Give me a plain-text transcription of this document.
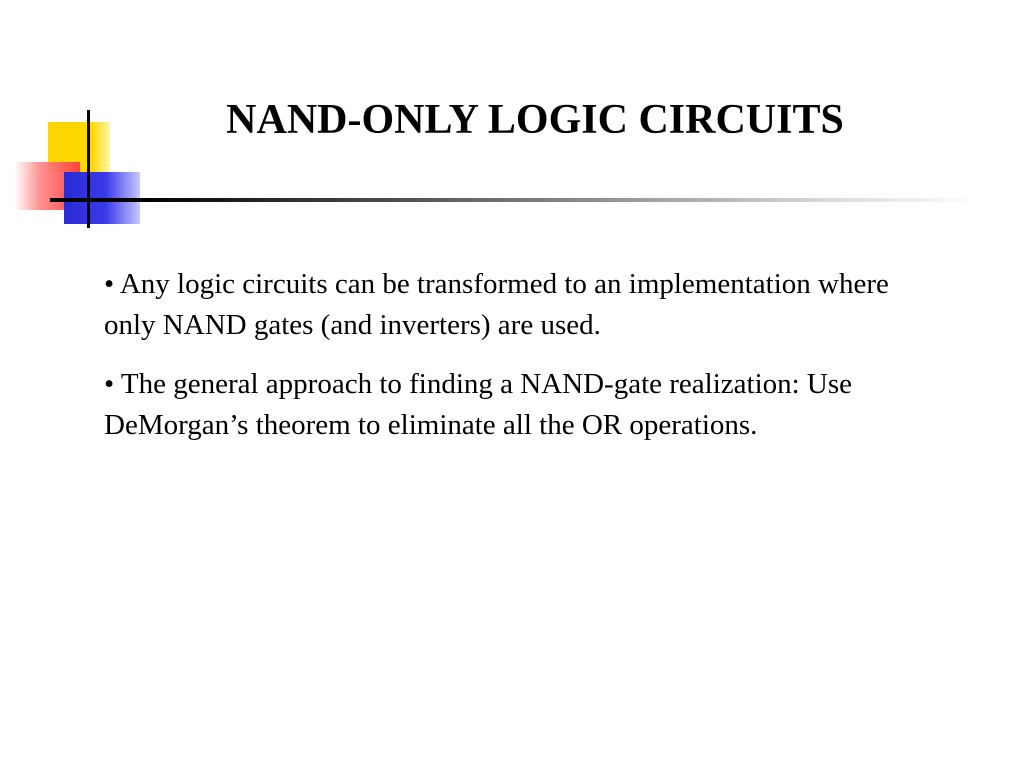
NAND-ONLY LOGIC CIRCUITS

• Any logic circuits can be transformed to an implementation where only NAND gates (and inverters) are used.

• The general approach to finding a NAND-gate realization: Use DeMorgan’s theorem to eliminate all the OR operations.
